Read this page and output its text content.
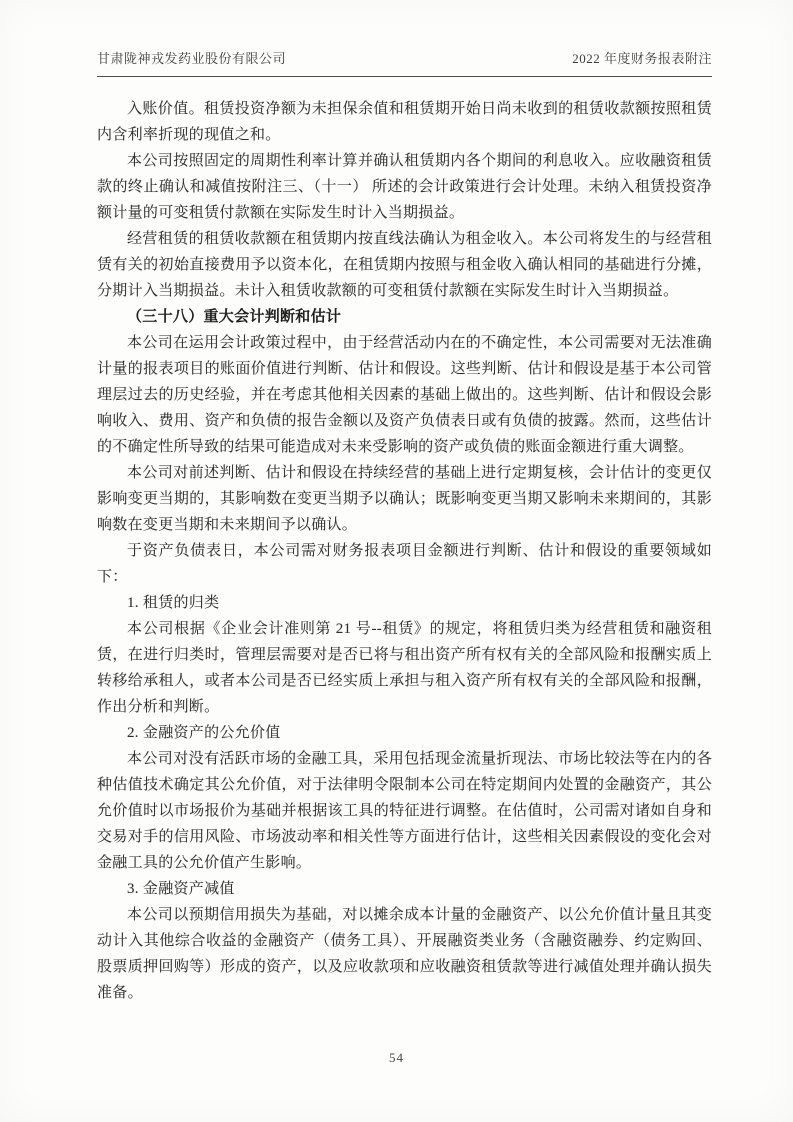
甘肃陇神戎发药业股份有限公司	2022 年度财务报表附注

入账价值。租赁投资净额为未担保余值和租赁期开始日尚未收到的租赁收款额按照租赁内含利率折现的现值之和。

本公司按照固定的周期性利率计算并确认租赁期内各个期间的利息收入。应收融资租赁款的终止确认和减值按附注三、（十一） 所述的会计政策进行会计处理。未纳入租赁投资净额计量的可变租赁付款额在实际发生时计入当期损益。

经营租赁的租赁收款额在租赁期内按直线法确认为租金收入。本公司将发生的与经营租赁有关的初始直接费用予以资本化，在租赁期内按照与租金收入确认相同的基础进行分摊，分期计入当期损益。未计入租赁收款额的可变租赁付款额在实际发生时计入当期损益。

（三十八）重大会计判断和估计

本公司在运用会计政策过程中，由于经营活动内在的不确定性，本公司需要对无法准确计量的报表项目的账面价值进行判断、估计和假设。这些判断、估计和假设是基于本公司管理层过去的历史经验，并在考虑其他相关因素的基础上做出的。这些判断、估计和假设会影响收入、费用、资产和负债的报告金额以及资产负债表日或有负债的披露。然而，这些估计的不确定性所导致的结果可能造成对未来受影响的资产或负债的账面金额进行重大调整。

本公司对前述判断、估计和假设在持续经营的基础上进行定期复核，会计估计的变更仅影响变更当期的，其影响数在变更当期予以确认；既影响变更当期又影响未来期间的，其影响数在变更当期和未来期间予以确认。

于资产负债表日，本公司需对财务报表项目金额进行判断、估计和假设的重要领域如下：

1. 租赁的归类

本公司根据《企业会计准则第 21 号--租赁》的规定，将租赁归类为经营租赁和融资租赁，在进行归类时，管理层需要对是否已将与租出资产所有权有关的全部风险和报酬实质上转移给承租人，或者本公司是否已经实质上承担与租入资产所有权有关的全部风险和报酬，作出分析和判断。

2. 金融资产的公允价值

本公司对没有活跃市场的金融工具，采用包括现金流量折现法、市场比较法等在内的各种估值技术确定其公允价值，对于法律明令限制本公司在特定期间内处置的金融资产，其公允价值时以市场报价为基础并根据该工具的特征进行调整。在估值时，公司需对诸如自身和交易对手的信用风险、市场波动率和相关性等方面进行估计，这些相关因素假设的变化会对金融工具的公允价值产生影响。

3. 金融资产减值

本公司以预期信用损失为基础，对以摊余成本计量的金融资产、以公允价值计量且其变动计入其他综合收益的金融资产（债务工具）、开展融资类业务（含融资融券、约定购回、股票质押回购等）形成的资产，以及应收款项和应收融资租赁款等进行减值处理并确认损失准备。

54
